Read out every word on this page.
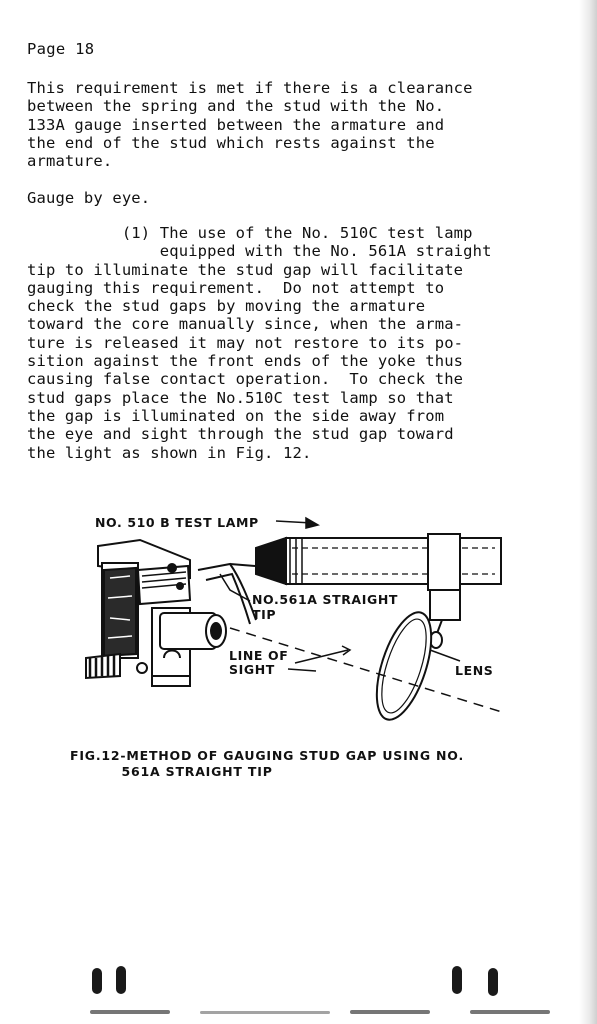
Page 18

This requirement is met if there is a clearance

between the spring and the stud with the No.

133A gauge inserted between the armature and

the end of the stud which rests against the

armature.

Gauge by eye.

(1) The use of the No. 510C test lamp

equipped with the No. 561A straight

tip to illuminate the stud gap will facilitate

gauging this requirement.  Do not attempt to

check the stud gaps by moving the armature

toward the core manually since, when the arma-

ture is released it may not restore to its po-

sition against the front ends of the yoke thus

causing false contact operation.  To check the

stud gaps place the No.510C test lamp so that

the gap is illuminated on the side away from

the eye and sight through the stud gap toward

the light as shown in Fig. 12.

NO. 510 B TEST LAMP
NO.561A STRAIGHT
TIP
LINE OF
SIGHT	LENS

FIG.12-METHOD OF GAUGING STUD GAP USING NO.

561A STRAIGHT TIP
